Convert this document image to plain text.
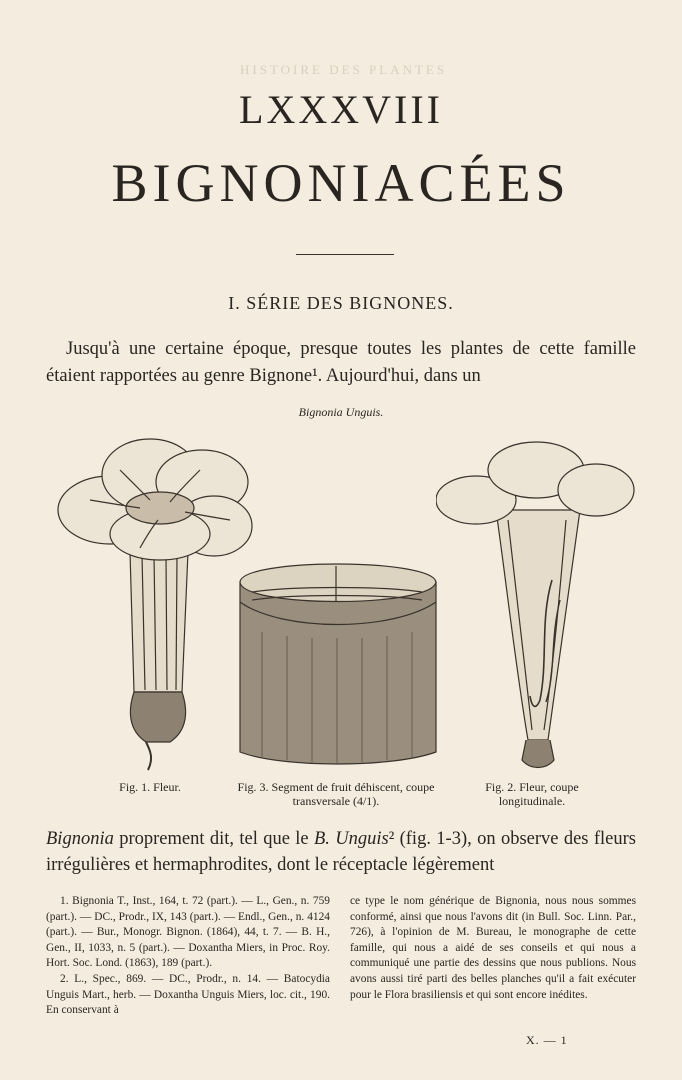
HISTOIRE DES PLANTES
LXXXVIII
BIGNONIACÉES
I. SÉRIE DES BIGNONES.

Jusqu'à une certaine époque, presque toutes les plantes de cette famille étaient rapportées au genre Bignone¹. Aujourd'hui, dans un

Bignonia Unguis.
Fig. 1. Fleur.	Fig. 3. Segment de fruit déhiscent, coupe transversale (4/1).
Fig. 2. Fleur, coupe longitudinale.

Bignonia proprement dit, tel que le B. Unguis² (fig. 1-3), on observe des fleurs irrégulières et hermaphrodites, dont le réceptacle légèrement

1. Bignonia T., Inst., 164, t. 72 (part.). — L., Gen., n. 759 (part.). — DC., Prodr., IX, 143 (part.). — Endl., Gen., n. 4124 (part.). — Bur., Monogr. Bignon. (1864), 44, t. 7. — B. H., Gen., II, 1033, n. 5 (part.). — Doxantha Miers, in Proc. Roy. Hort. Soc. Lond. (1863), 189 (part.).

2. L., Spec., 869. — DC., Prodr., n. 14. — Batocydia Unguis Mart., herb. — Doxantha Unguis Miers, loc. cit., 190. En conservant à

ce type le nom générique de Bignonia, nous nous sommes conformé, ainsi que nous l'avons dit (in Bull. Soc. Linn. Par., 726), à l'opinion de M. Bureau, le monographe de cette famille, qui nous a aidé de ses conseils et qui nous a communiqué une partie des dessins que nous publions. Nous avons aussi tiré parti des belles planches qu'il a fait exécuter pour le Flora brasiliensis et qui sont encore inédites.

X. — 1
